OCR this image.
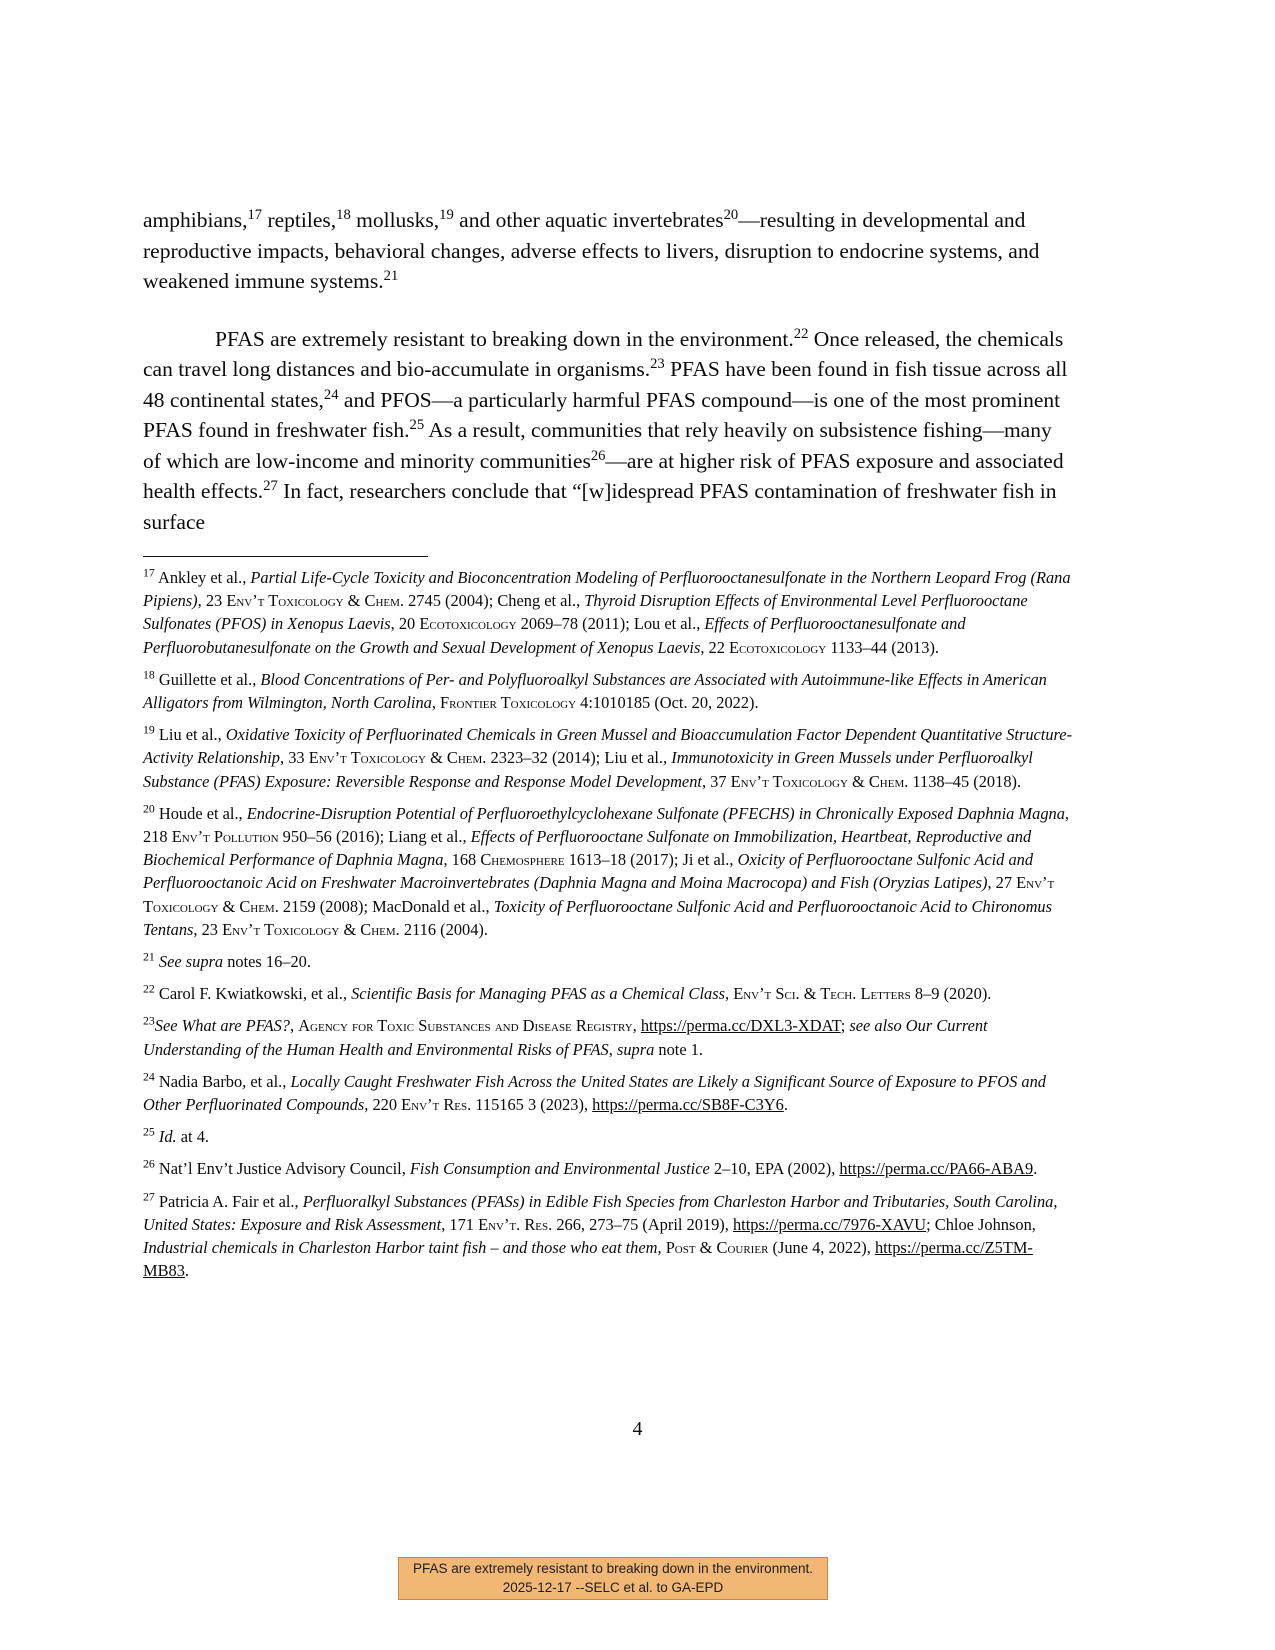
amphibians,$^{17}$ reptiles,$^{18}$ mollusks,$^{19}$ and other aquatic invertebrates$^{20}$—resulting in developmental and reproductive impacts, behavioral changes, adverse effects to livers, disruption to endocrine systems, and weakened immune systems.$^{21}$

PFAS are extremely resistant to breaking down in the environment.$^{22}$ Once released, the chemicals can travel long distances and bio-accumulate in organisms.$^{23}$ PFAS have been found in fish tissue across all 48 continental states,$^{24}$ and PFOS—a particularly harmful PFAS compound—is one of the most prominent PFAS found in freshwater fish.$^{25}$ As a result, communities that rely heavily on subsistence fishing—many of which are low-income and minority communities$^{26}$—are at higher risk of PFAS exposure and associated health effects.$^{27}$ In fact, researchers conclude that “[w]idespread PFAS contamination of freshwater fish in surface

$^{17}$ Ankley et al., Partial Life-Cycle Toxicity and Bioconcentration Modeling of Perfluorooctanesulfonate in the Northern Leopard Frog (Rana Pipiens), 23 Env’t Toxicology & Chem. 2745 (2004); Cheng et al., Thyroid Disruption Effects of Environmental Level Perfluorooctane Sulfonates (PFOS) in Xenopus Laevis, 20 Ecotoxicology 2069–78 (2011); Lou et al., Effects of Perfluorooctanesulfonate and Perfluorobutanesulfonate on the Growth and Sexual Development of Xenopus Laevis, 22 Ecotoxicology 1133–44 (2013).

$^{18}$ Guillette et al., Blood Concentrations of Per- and Polyfluoroalkyl Substances are Associated with Autoimmune-like Effects in American Alligators from Wilmington, North Carolina, Frontier Toxicology 4:1010185 (Oct. 20, 2022).

$^{19}$ Liu et al., Oxidative Toxicity of Perfluorinated Chemicals in Green Mussel and Bioaccumulation Factor Dependent Quantitative Structure-Activity Relationship, 33 Env’t Toxicology & Chem. 2323–32 (2014); Liu et al., Immunotoxicity in Green Mussels under Perfluoroalkyl Substance (PFAS) Exposure: Reversible Response and Response Model Development, 37 Env’t Toxicology & Chem. 1138–45 (2018).

$^{20}$ Houde et al., Endocrine-Disruption Potential of Perfluoroethylcyclohexane Sulfonate (PFECHS) in Chronically Exposed Daphnia Magna, 218 Env’t Pollution 950–56 (2016); Liang et al., Effects of Perfluorooctane Sulfonate on Immobilization, Heartbeat, Reproductive and Biochemical Performance of Daphnia Magna, 168 Chemosphere 1613–18 (2017); Ji et al., Oxicity of Perfluorooctane Sulfonic Acid and Perfluorooctanoic Acid on Freshwater Macroinvertebrates (Daphnia Magna and Moina Macrocopa) and Fish (Oryzias Latipes), 27 Env’t Toxicology & Chem. 2159 (2008); MacDonald et al., Toxicity of Perfluorooctane Sulfonic Acid and Perfluorooctanoic Acid to Chironomus Tentans, 23 Env’t Toxicology & Chem. 2116 (2004).

$^{21}$ See supra notes 16–20.

$^{22}$ Carol F. Kwiatkowski, et al., Scientific Basis for Managing PFAS as a Chemical Class, Env’t Sci. & Tech. Letters 8–9 (2020).

$^{23}$See What are PFAS?, Agency for Toxic Substances and Disease Registry, https://perma.cc/DXL3-XDAT; see also Our Current Understanding of the Human Health and Environmental Risks of PFAS, supra note 1.

$^{24}$ Nadia Barbo, et al., Locally Caught Freshwater Fish Across the United States are Likely a Significant Source of Exposure to PFOS and Other Perfluorinated Compounds, 220 Env’t Res. 115165 3 (2023), https://perma.cc/SB8F-C3Y6.

$^{25}$ Id. at 4.

$^{26}$ Nat’l Env’t Justice Advisory Council, Fish Consumption and Environmental Justice 2–10, EPA (2002), https://perma.cc/PA66-ABA9.

$^{27}$ Patricia A. Fair et al., Perfluoralkyl Substances (PFASs) in Edible Fish Species from Charleston Harbor and Tributaries, South Carolina, United States: Exposure and Risk Assessment, 171 Env’t. Res. 266, 273–75 (April 2019), https://perma.cc/7976-XAVU; Chloe Johnson, Industrial chemicals in Charleston Harbor taint fish – and those who eat them, Post & Courier (June 4, 2022), https://perma.cc/Z5TM-MB83.

4
PFAS are extremely resistant to breaking down in the environment.
2025-12-17 --SELC et al. to GA-EPD
